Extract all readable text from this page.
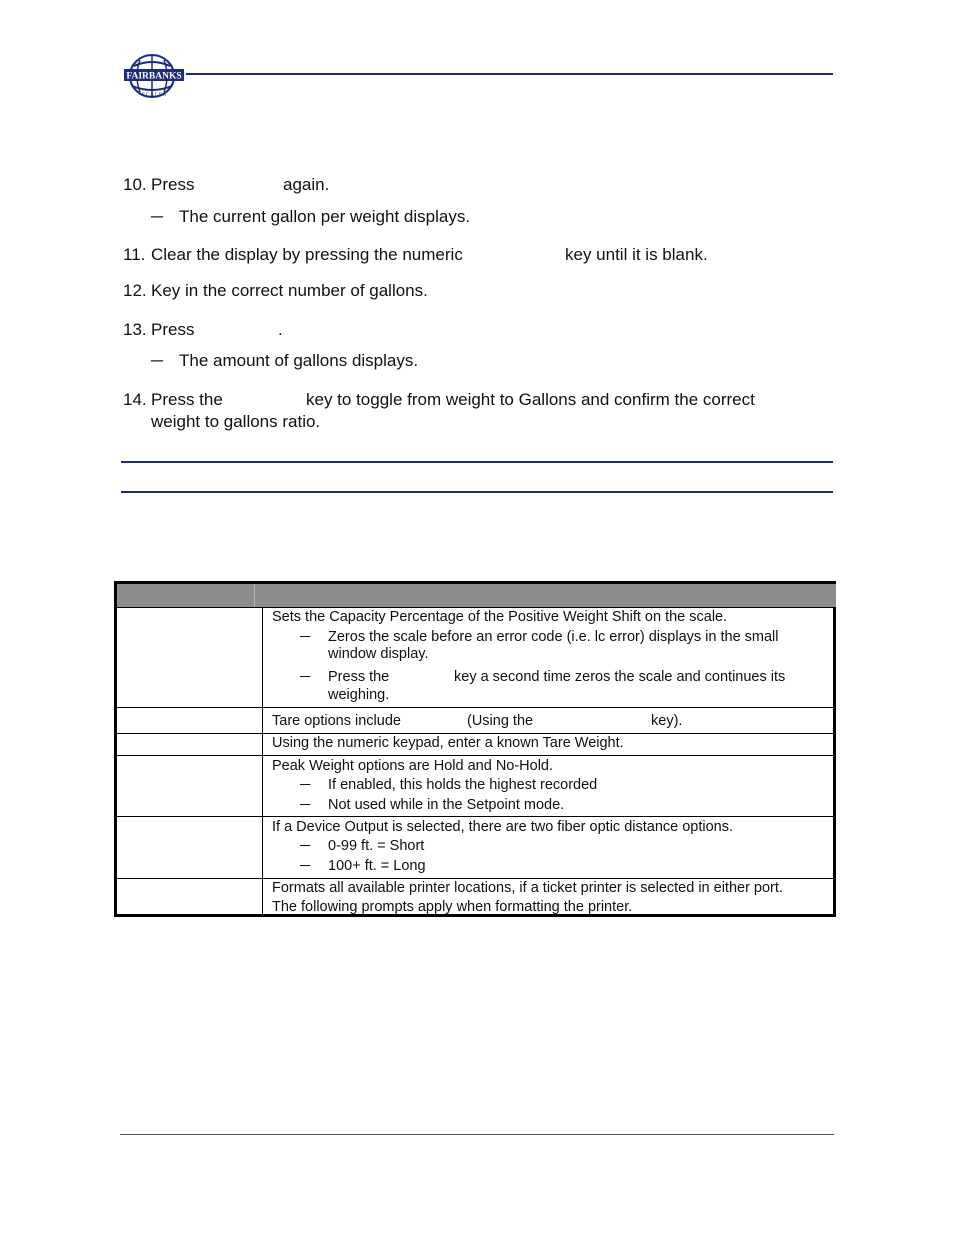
FAIRBANKS
S C A L E S
10. Press	again.
─ The current gallon per weight displays.
11. Clear the display by pressing the numeric	key until it is blank.
12. Key in the correct number of gallons.
13. Press	.
─ The amount of gallons displays.
14. Press the	key to toggle from weight to Gallons and confirm the correct
weight to gallons ratio.
Sets the Capacity Percentage of the Positive Weight Shift on the scale.
─ Zeros the scale before an error code (i.e. lc error) displays in the small
window display.
─ Press the	key a second time zeros the scale and continues its
weighing.
Tare options include	(Using the	key).
Using the numeric keypad, enter a known Tare Weight.
Peak Weight options are Hold and No-Hold.
─ If enabled, this holds the highest recorded
─ Not used while in the Setpoint mode.
If a Device Output is selected, there are two fiber optic distance options.
─ 0-99 ft. = Short
─ 100+ ft. = Long
Formats all available printer locations, if a ticket printer is selected in either port.
The following prompts apply when formatting the printer.
